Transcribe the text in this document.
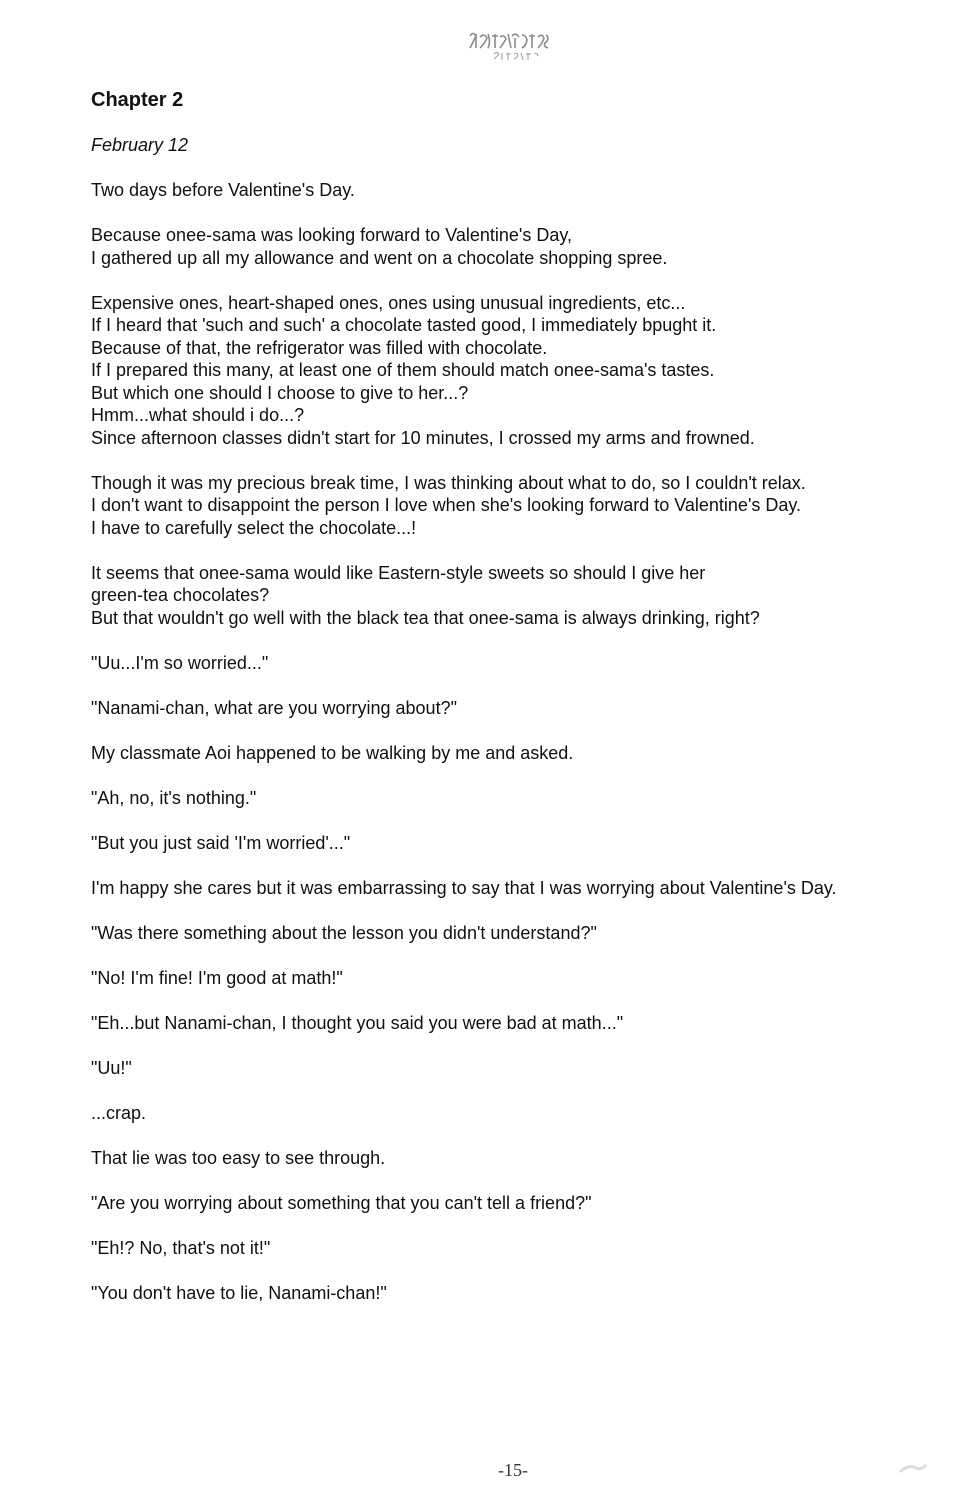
Chapter 2
February 12

Two days before Valentine's Day.

Because onee-sama was looking forward to Valentine's Day,
I gathered up all my allowance and went on a chocolate shopping spree.

Expensive ones, heart-shaped ones, ones using unusual ingredients, etc...
If I heard that 'such and such' a chocolate tasted good, I immediately bpught it.
Because of that, the refrigerator was filled with chocolate.
If I prepared this many, at least one of them should match onee-sama's tastes.
But which one should I choose to give to her...?
Hmm...what should i do...?
Since afternoon classes didn't start for 10 minutes, I crossed my arms and frowned.

Though it was my precious break time, I was thinking about what to do, so I couldn't relax.
I don't want to disappoint the person I love when she's looking forward to Valentine's Day.
I have to carefully select the chocolate...!

It seems that onee-sama would like Eastern-style sweets so should I give her
green-tea chocolates?
But that wouldn't go well with the black tea that onee-sama is always drinking, right?

"Uu...I'm so worried..."

"Nanami-chan, what are you worrying about?"

My classmate Aoi happened to be walking by me and asked.

"Ah, no, it's nothing."

"But you just said 'I'm worried'..."

I'm happy she cares but it was embarrassing to say that I was worrying about Valentine's Day.

"Was there something about the lesson you didn't understand?"

"No! I'm fine! I'm good at math!"

"Eh...but Nanami-chan, I thought you said you were bad at math..."

"Uu!"

...crap.

That lie was too easy to see through.

"Are you worrying about something that you can't tell a friend?"

"Eh!? No, that's not it!"

"You don't have to lie, Nanami-chan!"

-15-
